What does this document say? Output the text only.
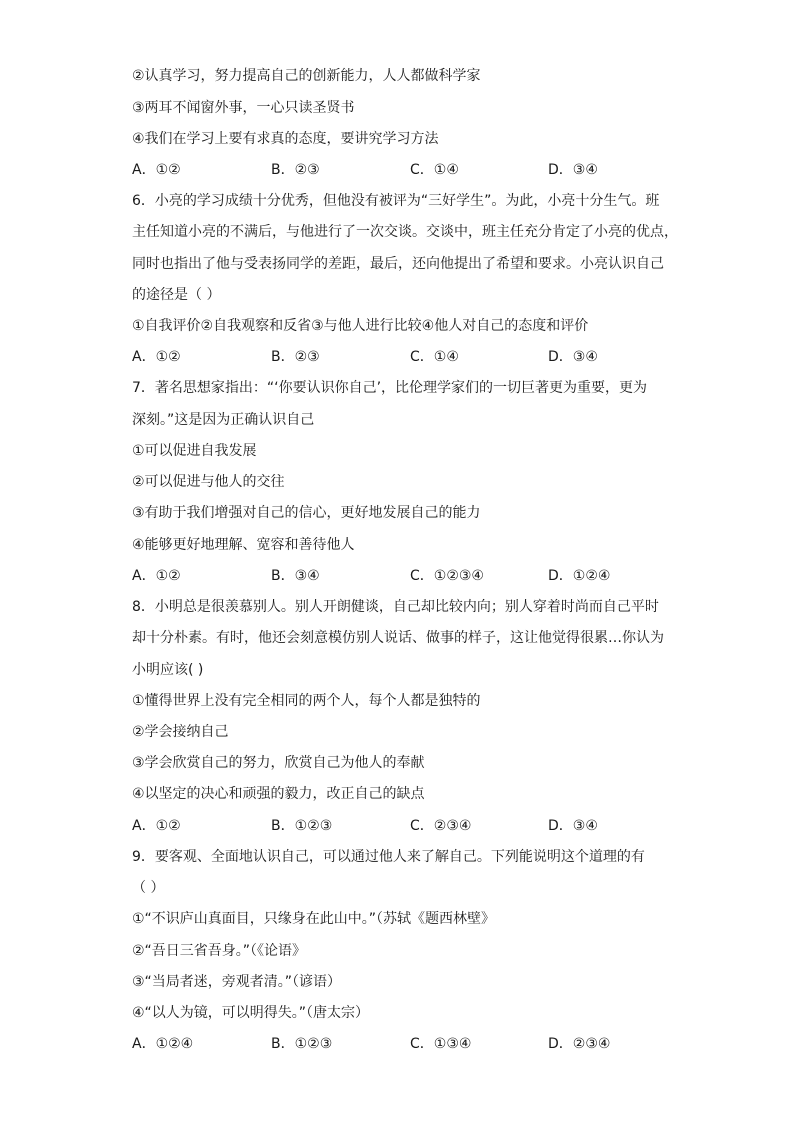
②认真学习，努力提高自己的创新能力，人人都做科学家
③两耳不闻窗外事，一心只读圣贤书
④我们在学习上要有求真的态度，要讲究学习方法
A．①②	B．②③	C．①④	D．③④
6．小亮的学习成绩十分优秀，但他没有被评为“三好学生”。为此，小亮十分生气。班
主任知道小亮的不满后，与他进行了一次交谈。交谈中，班主任充分肯定了小亮的优点，
同时也指出了他与受表扬同学的差距，最后，还向他提出了希望和要求。小亮认识自己
的途径是（ ）
①自我评价②自我观察和反省③与他人进行比较④他人对自己的态度和评价
A．①②	B．②③	C．①④	D．③④
7．著名思想家指出：“‘你要认识你自己’，比伦理学家们的一切巨著更为重要，更为
深刻。”这是因为正确认识自己
①可以促进自我发展
②可以促进与他人的交往
③有助于我们增强对自己的信心，更好地发展自己的能力
④能够更好地理解、宽容和善待他人
A．①②	B．③④	C．①②③④	D．①②④
8．小明总是很羡慕别人。别人开朗健谈，自己却比较内向；别人穿着时尚而自己平时
却十分朴素。有时，他还会刻意模仿别人说话、做事的样子，这让他觉得很累…你认为
小明应该( )
①懂得世界上没有完全相同的两个人，每个人都是独特的
②学会接纳自己
③学会欣赏自己的努力，欣赏自己为他人的奉献
④以坚定的决心和顽强的毅力，改正自己的缺点
A．①②	B．①②③	C．②③④	D．③④
9．要客观、全面地认识自己，可以通过他人来了解自己。下列能说明这个道理的有
（ ）
①“不识庐山真面目，只缘身在此山中。”（苏轼《题西林壁》
②“吾日三省吾身。”（《论语》
③“当局者迷，旁观者清。”（谚语）
④“以人为镜，可以明得失。”（唐太宗）
A．①②④	B．①②③	C．①③④	D．②③④
